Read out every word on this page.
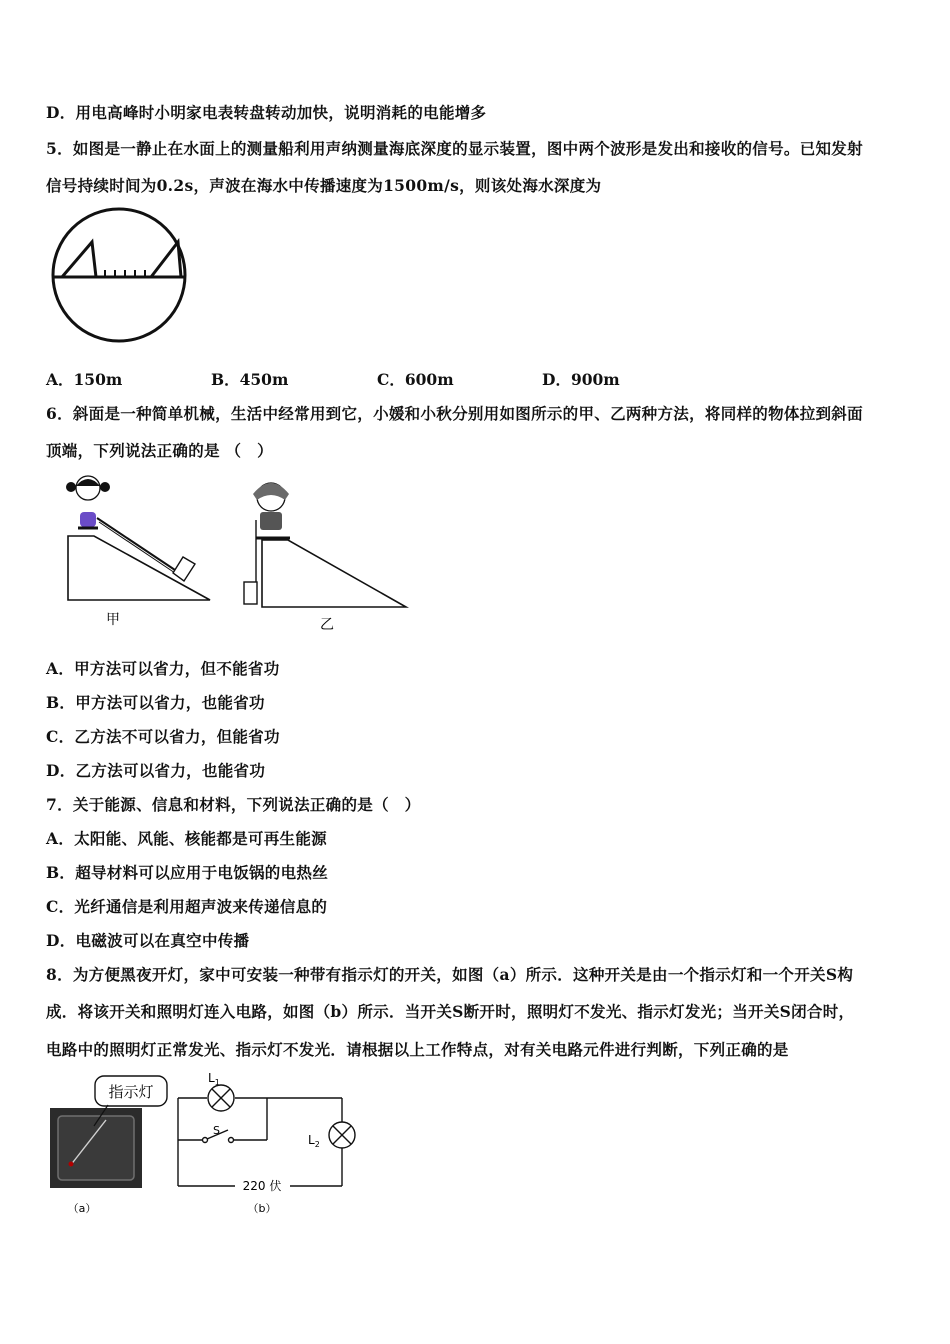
D．用电高峰时小明家电表转盘转动加快，说明消耗的电能增多
5．如图是一静止在水面上的测量船利用声纳测量海底深度的显示装置，图中两个波形是发出和接收的信号。已知发射
信号持续时间为0.2s，声波在海水中传播速度为1500m/s，则该处海水深度为
A．150m	B．450m	C．600m	D．900m
6．斜面是一种简单机械，生活中经常用到它，小媛和小秋分别用如图所示的甲、乙两种方法，将同样的物体拉到斜面
顶端，下列说法正确的是 （　）
甲	乙
A．甲方法可以省力，但不能省功
B．甲方法可以省力，也能省功
C．乙方法不可以省力，但能省功
D．乙方法可以省力，也能省功
7．关于能源、信息和材料，下列说法正确的是（　）
A．太阳能、风能、核能都是可再生能源
B．超导材料可以应用于电饭锅的电热丝
C．光纤通信是利用超声波来传递信息的
D．电磁波可以在真空中传播
8．为方便黑夜开灯，家中可安装一种带有指示灯的开关，如图（a）所示．这种开关是由一个指示灯和一个开关S构
成．将该开关和照明灯连入电路，如图（b）所示．当开关S断开时，照明灯不发光、指示灯发光；当开关S闭合时，
电路中的照明灯正常发光、指示灯不发光．请根据以上工作特点，对有关电路元件进行判断，下列正确的是
指示灯
（a）
$L_1$
S
$L_2$
220 伏
（b）
